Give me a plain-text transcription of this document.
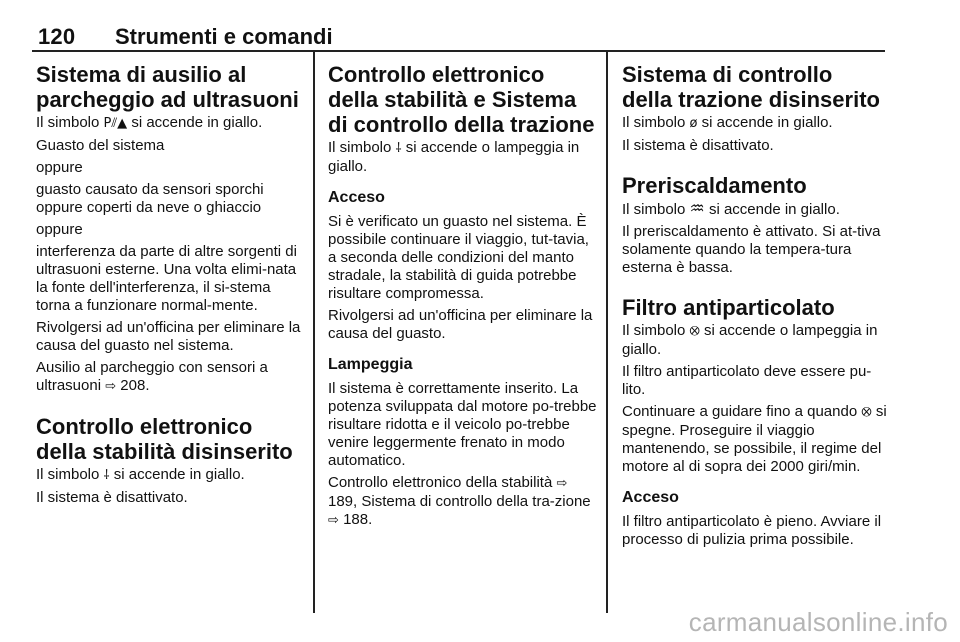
120 Strumenti e comandi
Sistema di ausilio al parcheggio ad ultrasuoni

Il simbolo P⫽▲ si accende in giallo.

Guasto del sistema

oppure

guasto causato da sensori sporchi oppure coperti da neve o ghiaccio

oppure

interferenza da parte di altre sorgenti di ultrasuoni esterne. Una volta elimi-nata la fonte dell'interferenza, il si-stema torna a funzionare normal-mente.

Rivolgersi ad un'officina per eliminare la causa del guasto nel sistema.

Ausilio al parcheggio con sensori a ultrasuoni ⇨ 208.

Controllo elettronico della stabilità disinserito

Il simbolo ⸸ si accende in giallo.

Il sistema è disattivato.

Controllo elettronico della stabilità e Sistema di controllo della trazione

Il simbolo ⸸ si accende o lampeggia in giallo.

Acceso

Si è verificato un guasto nel sistema. È possibile continuare il viaggio, tut-tavia, a seconda delle condizioni del manto stradale, la stabilità di guida potrebbe risultare compromessa.

Rivolgersi ad un'officina per eliminare la causa del guasto.

Lampeggia

Il sistema è correttamente inserito. La potenza sviluppata dal motore po-trebbe risultare ridotta e il veicolo po-trebbe venire leggermente frenato in modo automatico.

Controllo elettronico della stabilità ⇨ 189, Sistema di controllo della tra-zione ⇨ 188.

Sistema di controllo della trazione disinserito

Il simbolo ø si accende in giallo.

Il sistema è disattivato.

Preriscaldamento

Il simbolo ♒ si accende in giallo.

Il preriscaldamento è attivato. Si at-tiva solamente quando la tempera-tura esterna è bassa.

Filtro antiparticolato

Il simbolo ⭙ si accende o lampeggia in giallo.

Il filtro antiparticolato deve essere pu-lito.

Continuare a guidare fino a quando ⭙ si spegne. Proseguire il viaggio mantenendo, se possibile, il regime del motore al di sopra dei 2000 giri/min.

Acceso

Il filtro antiparticolato è pieno. Avviare il processo di pulizia prima possibile.

carmanualsonline.info
